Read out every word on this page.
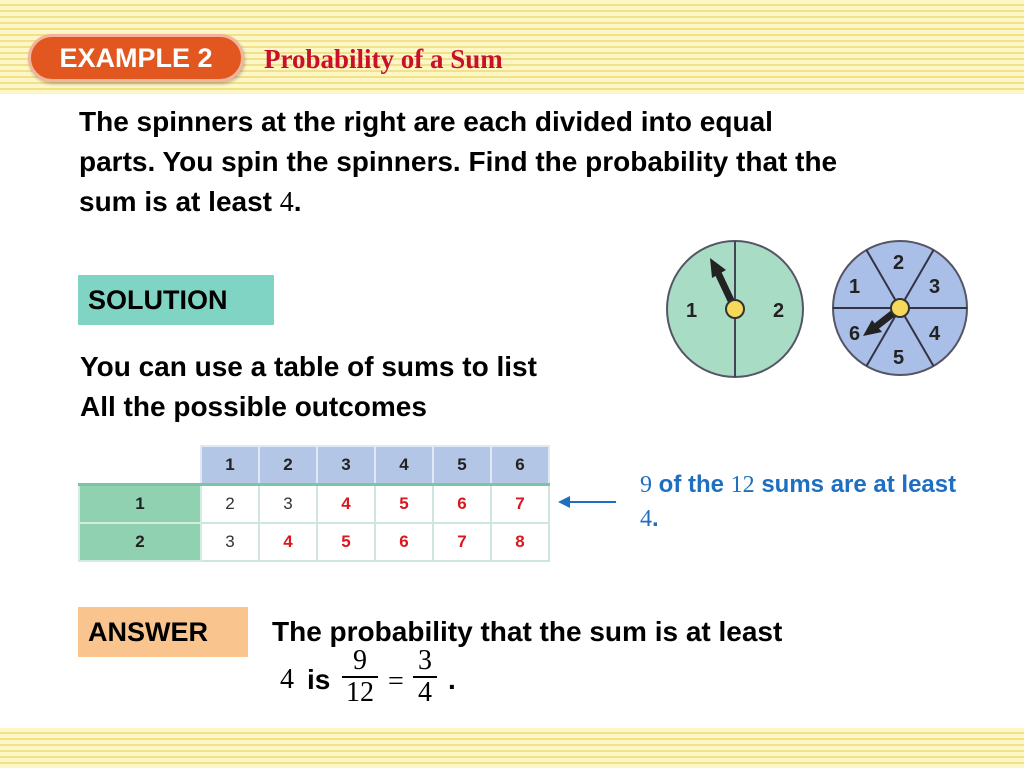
EXAMPLE 2	Probability of a Sum
The spinners at the right are each divided into equal parts. You spin the spinners. Find the probability that the sum is at least 4.
1	2
2
3
4
5
6
1
SOLUTION
You can use a table of sums to list
All the possible outcomes
	1	2	3	4	5	6
1	2	3	4	5	6	7
2	3	4	5	6	7	8
9 of the 12 sums are at least 4.
ANSWER	The probability that the sum is at least
4 is $\frac{9}{12} = \frac{3}{4}$ .
